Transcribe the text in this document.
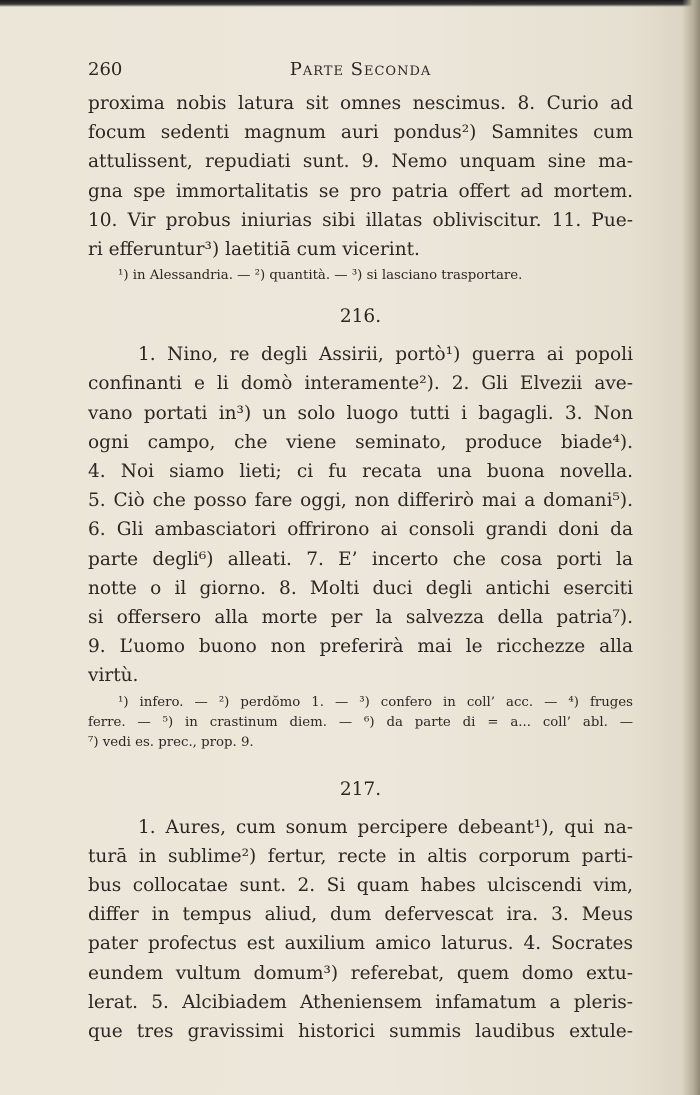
260	Parte Seconda
proxima nobis latura sit omnes nescimus. 8. Curio ad
focum sedenti magnum auri pondus²) Samnites cum
attulissent, repudiati sunt. 9. Nemo unquam sine ma-
gna spe immortalitatis se pro patria offert ad mortem.
10. Vir probus iniurias sibi illatas obliviscitur. 11. Pue-
ri efferuntur³) laetitiā cum vicerint.
¹) in Alessandria. — ²) quantità. — ³) si lasciano trasportare.
216.
1. Nino, re degli Assirii, portò¹) guerra ai popoli
confinanti e li domò interamente²). 2. Gli Elvezii ave-
vano portati in³) un solo luogo tutti i bagagli. 3. Non
ogni campo, che viene seminato, produce biade⁴).
4. Noi siamo lieti; ci fu recata una buona novella.
5. Ciò che posso fare oggi, non differirò mai a domani⁵).
6. Gli ambasciatori offrirono ai consoli grandi doni da
parte degli⁶) alleati. 7. E’ incerto che cosa porti la
notte o il giorno. 8. Molti duci degli antichi eserciti
si offersero alla morte per la salvezza della patria⁷).
9. L’uomo buono non preferirà mai le ricchezze alla
virtù.
¹) infero. — ²) perdŏmo 1. — ³) confero in coll’ acc. — ⁴) fruges
ferre. — ⁵) in crastinum diem. — ⁶) da parte di = a... coll’ abl. —
⁷) vedi es. prec., prop. 9.
217.
1. Aures, cum sonum percipere debeant¹), qui na-
turā in sublime²) fertur, recte in altis corporum parti-
bus collocatae sunt. 2. Si quam habes ulciscendi vim,
differ in tempus aliud, dum defervescat ira. 3. Meus
pater profectus est auxilium amico laturus. 4. Socrates
eundem vultum domum³) referebat, quem domo extu-
lerat. 5. Alcibiadem Atheniensem infamatum a pleris-
que tres gravissimi historici summis laudibus extule-
